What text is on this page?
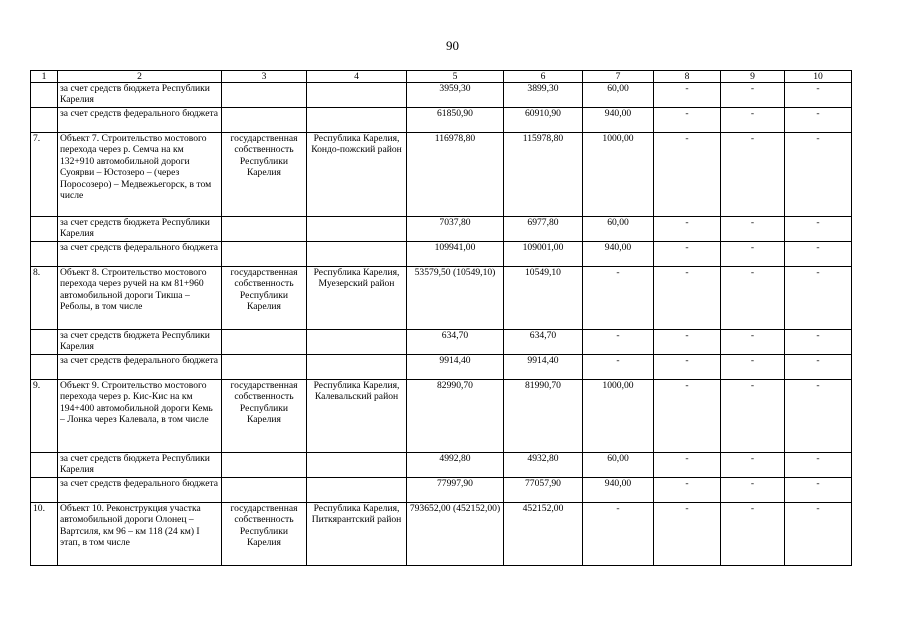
90
1	2	3	4	5	6	7	8	9	10
	за счет средств бюджета Республики Карелия			3959,30	3899,30	60,00	-	-	-
	за счет средств федерального бюджета			61850,90	60910,90	940,00	-	-	-
7.	Объект 7. Строительство мостового перехода через р. Семча на км 132+910 автомобильной дороги Суоярви – Юстозеро – (через Поросозеро) – Медвежьегорск, в том числе	государственная собственность Республики Карелия	Республика Карелия, Кондо-пожский район	116978,80	115978,80	1000,00	-	-	-
	за счет средств бюджета Республики Карелия			7037,80	6977,80	60,00	-	-	-
	за счет средств федерального бюджета			109941,00	109001,00	940,00	-	-	-
8.	Объект 8. Строительство мостового перехода через ручей на км 81+960 автомобильной дороги Тикша – Реболы, в том числе	государственная собственность Республики Карелия	Республика Карелия, Муезерский район	53579,50 (10549,10)	10549,10	-	-	-	-
	за счет средств бюджета Республики Карелия			634,70	634,70	-	-	-	-
	за счет средств федерального бюджета			9914,40	9914,40	-	-	-	-
9.	Объект 9. Строительство мостового перехода через р. Кис-Кис на км 194+400 автомобильной дороги Кемь – Лонка через Калевала, в том числе	государственная собственность Республики Карелия	Республика Карелия, Калевальский район	82990,70	81990,70	1000,00	-	-	-
	за счет средств бюджета Республики Карелия			4992,80	4932,80	60,00	-	-	-
	за счет средств федерального бюджета			77997,90	77057,90	940,00	-	-	-
10.	Объект 10. Реконструкция участка автомобильной дороги Олонец – Вартсиля, км 96 – км 118 (24 км) I этап, в том числе	государственная собственность Республики Карелия	Республика Карелия, Питкярантский район	793652,00 (452152,00)	452152,00	-	-	-	-
